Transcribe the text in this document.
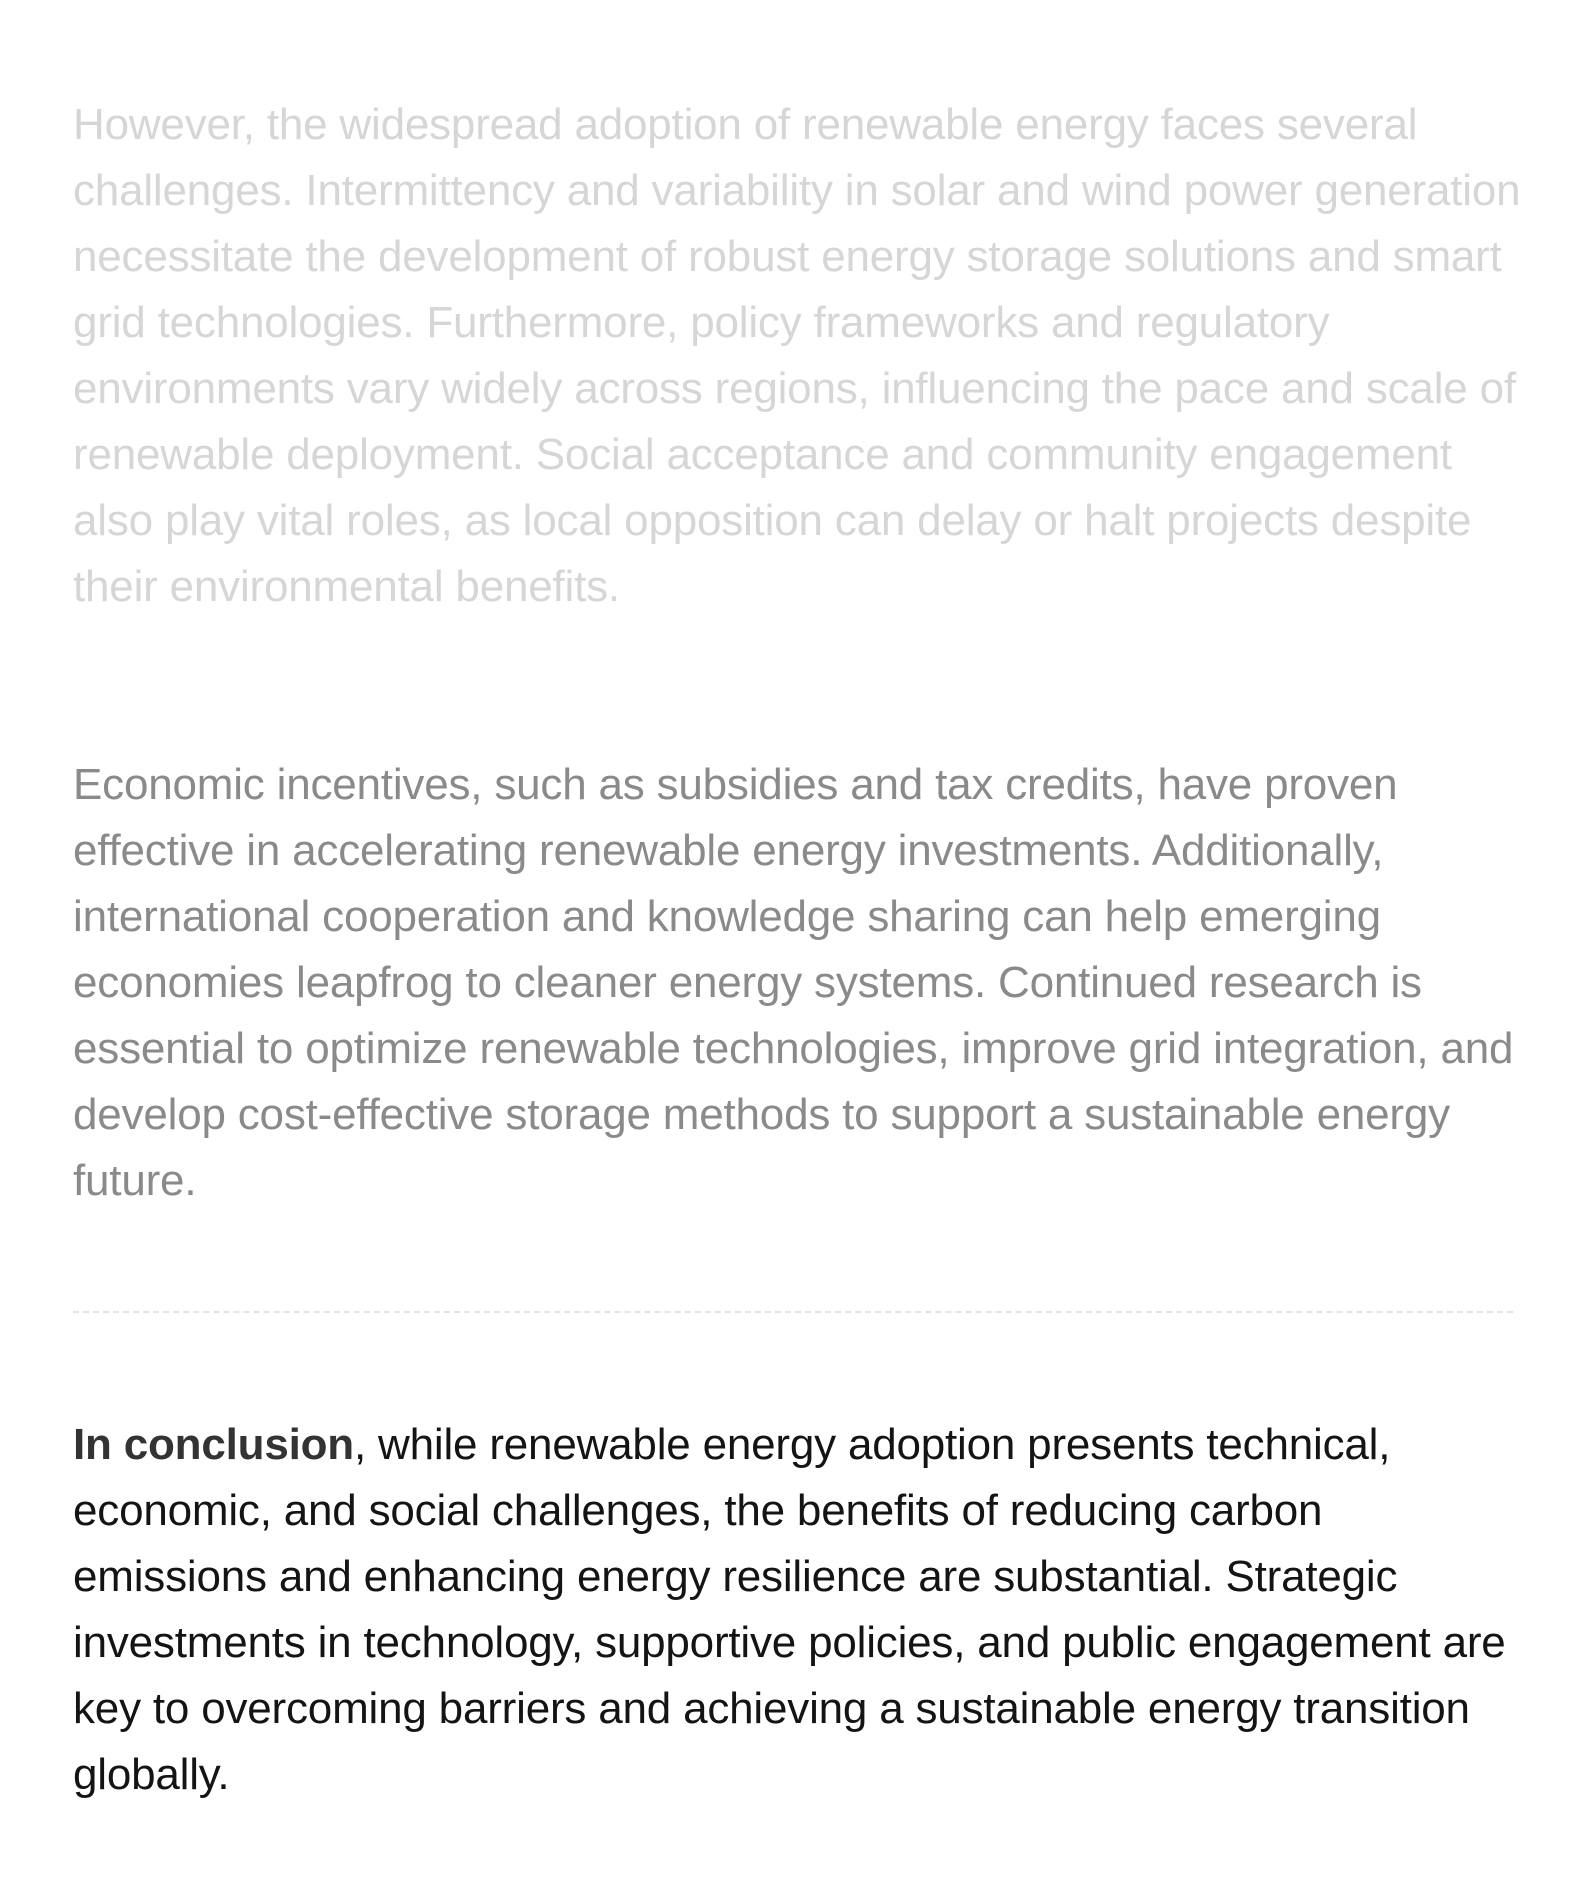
However, the widespread adoption of renewable energy faces several challenges. Intermittency and variability in solar and wind power generation necessitate the development of robust energy storage solutions and smart grid technologies. Furthermore, policy frameworks and regulatory environments vary widely across regions, influencing the pace and scale of renewable deployment. Social acceptance and community engagement also play vital roles, as local opposition can delay or halt projects despite their environmental benefits.

Economic incentives, such as subsidies and tax credits, have proven effective in accelerating renewable energy investments. Additionally, international cooperation and knowledge sharing can help emerging economies leapfrog to cleaner energy systems. Continued research is essential to optimize renewable technologies, improve grid integration, and develop cost-effective storage methods to support a sustainable energy future.

In conclusion, while renewable energy adoption presents technical, economic, and social challenges, the benefits of reducing carbon emissions and enhancing energy resilience are substantial. Strategic investments in technology, supportive policies, and public engagement are key to overcoming barriers and achieving a sustainable energy transition globally.
